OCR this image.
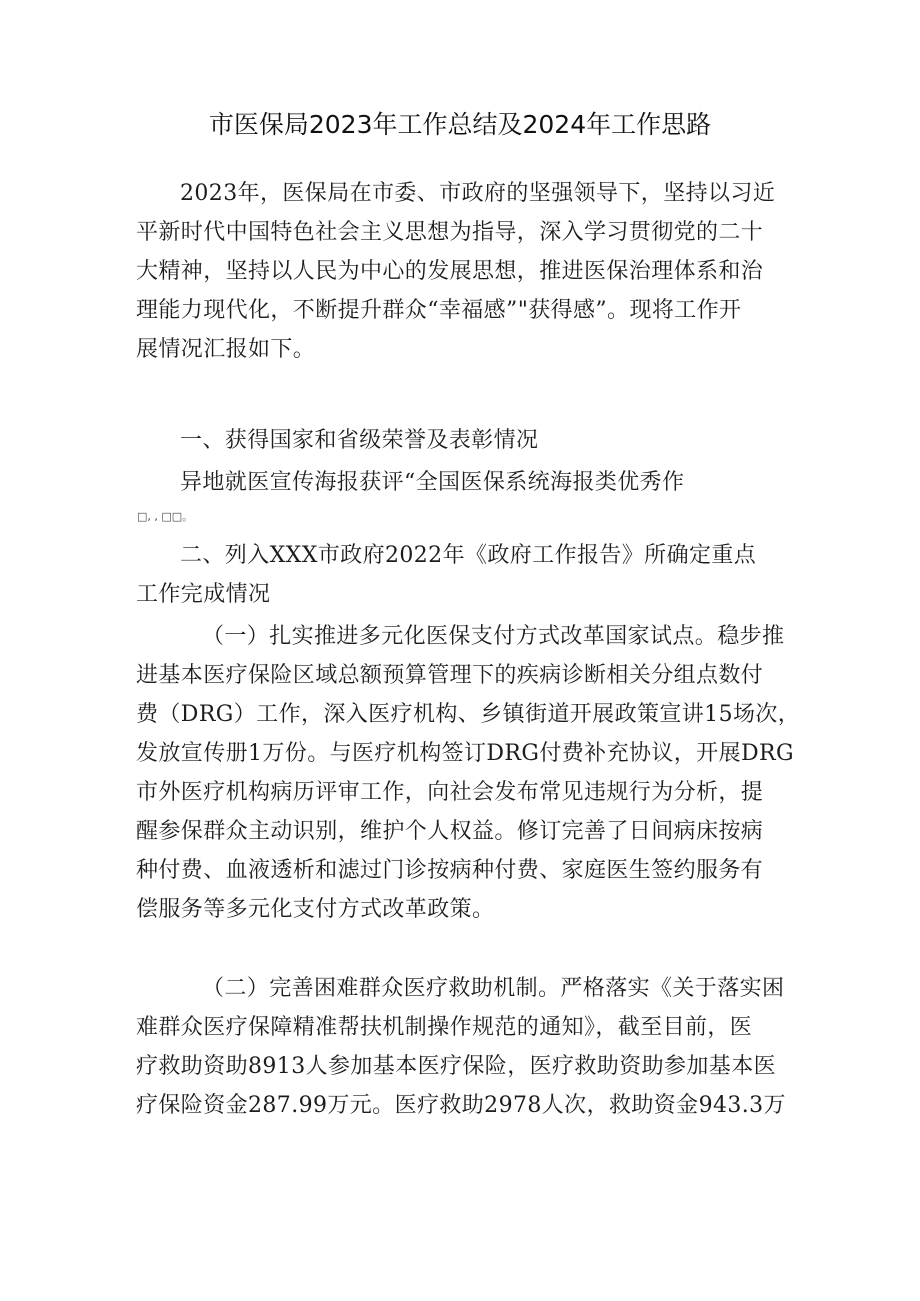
市医保局2023年工作总结及2024年工作思路
2023年，医保局在市委、市政府的坚强领导下，坚持以习近
平新时代中国特色社会主义思想为指导，深入学习贯彻党的二十
大精神，坚持以人民为中心的发展思想，推进医保治理体系和治
理能力现代化，不断提升群众“幸福感”"获得感”。现将工作开
展情况汇报如下。
一、获得国家和省级荣誉及表彰情况
异地就医宣传海报获评“全国医保系统海报类优秀作
□, , □□。
二、列入XXX市政府2022年《政府工作报告》所确定重点
工作完成情况
（一）扎实推进多元化医保支付方式改革国家试点。稳步推
进基本医疗保险区域总额预算管理下的疾病诊断相关分组点数付
费（DRG）工作，深入医疗机构、乡镇街道开展政策宣讲15场次，
发放宣传册1万份。与医疗机构签订DRG付费补充协议，开展DRG
市外医疗机构病历评审工作，向社会发布常见违规行为分析，提
醒参保群众主动识别，维护个人权益。修订完善了日间病床按病
种付费、血液透析和滤过门诊按病种付费、家庭医生签约服务有
偿服务等多元化支付方式改革政策。
（二）完善困难群众医疗救助机制。严格落实《关于落实困
难群众医疗保障精准帮扶机制操作规范的通知》，截至目前，医
疗救助资助8913人参加基本医疗保险，医疗救助资助参加基本医
疗保险资金287.99万元。医疗救助2978人次，救助资金943.3万
